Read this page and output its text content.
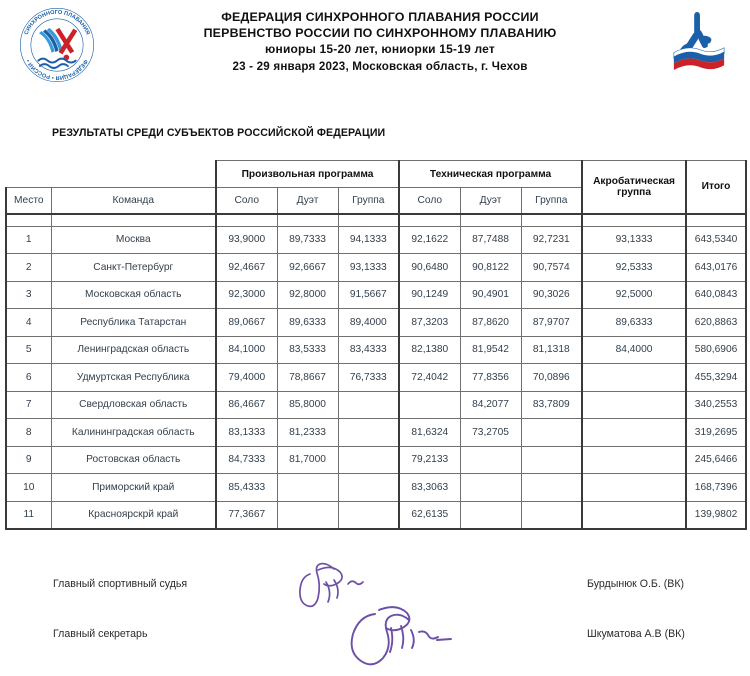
СИНХРОННОГО ПЛАВАНИЯ
ФЕДЕРАЦИЯ • РОССИИ •
ФЕДЕРАЦИЯ СИНХРОННОГО ПЛАВАНИЯ РОССИИ
ПЕРВЕНСТВО РОССИИ ПО СИНХРОННОМУ ПЛАВАНИЮ
юниоры 15-20 лет, юниорки 15-19 лет
23 - 29 января 2023, Московская область, г. Чехов
РЕЗУЛЬТАТЫ СРЕДИ СУБЪЕКТОВ РОССИЙСКОЙ ФЕДЕРАЦИИ
		Произвольная программа			Техническая программа			Акробатическая группа	Итого
Место	Команда	Соло	Дуэт	Группа	Соло	Дуэт	Группа		

1	Москва	93,9000	89,7333	94,1333	92,1622	87,7488	92,7231	93,1333	643,5340
2	Санкт-Петербург	92,4667	92,6667	93,1333	90,6480	90,8122	90,7574	92,5333	643,0176
3	Московская область	92,3000	92,8000	91,5667	90,1249	90,4901	90,3026	92,5000	640,0843
4	Республика Татарстан	89,0667	89,6333	89,4000	87,3203	87,8620	87,9707	89,6333	620,8863
5	Ленинградская область	84,1000	83,5333	83,4333	82,1380	81,9542	81,1318	84,4000	580,6906
6	Удмуртская Республика	79,4000	78,8667	76,7333	72,4042	77,8356	70,0896		455,3294
7	Свердловская область	86,4667	85,8000			84,2077	83,7809		340,2553
8	Калининградская область	83,1333	81,2333		81,6324	73,2705			319,2695
9	Ростовская область	84,7333	81,7000		79,2133				245,6466
10	Приморский край	85,4333			83,3063				168,7396
11	Красноярскрй край	77,3667			62,6135				139,9802
Главный спортивный судья	Бурдынюк О.Б. (ВК)
Главный секретарь	Шкуматова А.В (ВК)
